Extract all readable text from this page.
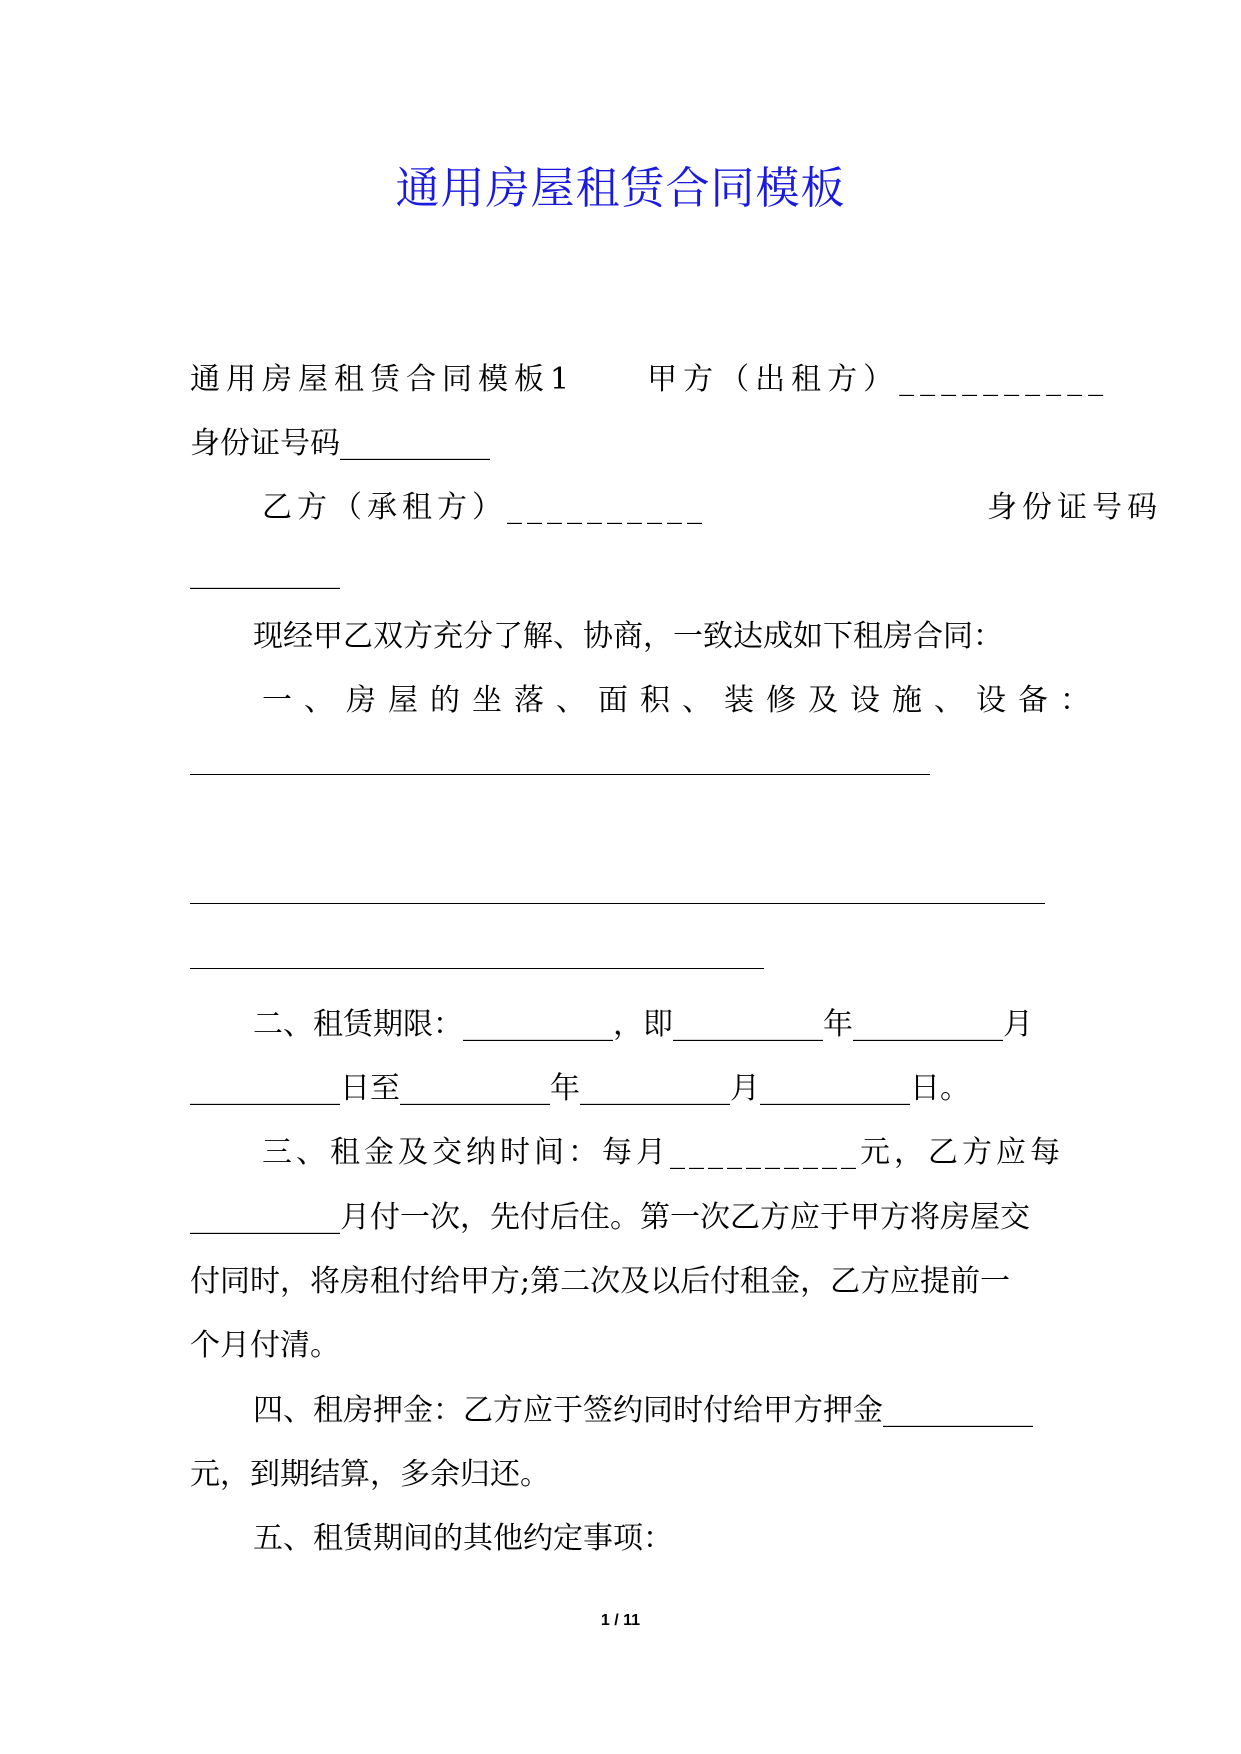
通用房屋租赁合同模板
通用房屋租赁合同模板1　　甲方（出租方）__________
身份证号码__________
乙方（承租方）__________　　　　　　　　身份证号码
__________
现经甲乙双方充分了解、协商，一致达成如下租房合同：
一、房屋的坐落、面积、装修及设施、设备：
二、租赁期限：__________，即__________年__________月
__________日至__________年__________月__________日。
三、租金及交纳时间：每月__________元，乙方应每
__________月付一次，先付后住。第一次乙方应于甲方将房屋交
付同时，将房租付给甲方;第二次及以后付租金，乙方应提前一
个月付清。
四、租房押金：乙方应于签约同时付给甲方押金__________
元，到期结算，多余归还。
五、租赁期间的其他约定事项：
1 / 11
